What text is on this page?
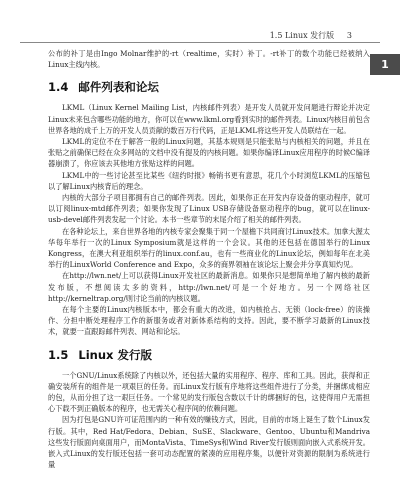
1.5 Linux 发行版 3
1

公布的补丁是由Ingo Molnar维护的-rt（realtime，实时）补丁。-rt补丁的数个功能已经被纳入Linux主线内核。

1.4 邮件列表和论坛

LKML（Linux Kernel Mailing List，内核邮件列表）是开发人员就开发问题进行辩论并决定Linux未来包含哪些功能的地方，你可以在www.lkml.org看到实时的邮件列表。Linux内核目前包含世界各地的成千上万的开发人员贡献的数百万行代码，正是LKML将这些开发人员联结在一起。

LKML的定位不在于解答一般的Linux问题，其基本规则是只能张贴与内核相关的问题，并且在张贴之前确保已经在众多网站的文档中没有提及的内核问题。如果你编译Linux应用程序的时候C编译器崩溃了，你应该去其他地方张贴这样的问题。

LKML中的一些讨论甚至比某些《纽约时报》畅销书更有意思，花几个小时浏览LKML的压缩包以了解Linux内核背后的理念。

内核的大部分子项目都拥有自己的邮件列表。因此，如果你正在开发内存设备的驱动程序，就可以订阅linux-mtd邮件列表；如果你发现了Linux USB存储设备驱动程序的bug，就可以在linux-usb-devel邮件列表发起一个讨论。本书一些章节的末尾介绍了相关的邮件列表。

在各种论坛上，来自世界各地的内核专家会聚集于同一个屋檐下共同商讨Linux技术。加拿大渥太华每年举行一次的Linux Symposium就是这样的一个会议。其他的还包括在德国举行的Linux Kongress，在澳大利亚组织举行的linux.conf.au，也有一些商业化的Linux论坛，例如每年在北美举行的LinuxWorld Conference and Expo，众多的商界领袖在该论坛上聚会并分享真知灼见。

在http://lwn.net/上可以获得Linux开发社区的最新消息。如果你只是想简单地了解内核的最新发布版，不想阅读太多的资料，http://lwn.net/可是一个好地方。另一个网络社区http://kerneltrap.org/则讨论当前的内核议题。

在每个主要的Linux内核版本中，都会有重大的改进，如内核抢占、无锁（lock-free）的读操作、分担中断处理程序工作的新服务或者对新体系结构的支持。因此，要不断学习最新的Linux技术，就要一直跟踪邮件列表、网站和论坛。

1.5 Linux 发行版

一个GNU/Linux系统除了内核以外，还包括大量的实用程序、程序、库和工具。因此，获得和正确安装所有的组件是一项艰巨的任务。而Linux发行版有序地将这些组件进行了分类，并捆绑成相应的包，从而分担了这一艰巨任务。一个常见的发行版包含数以千计的绑捆好的包，这使得用户无需担心下载不到正确版本的程序，也无需关心程序间的依赖问题。

因为打包是GNU许可证范围内的一种有效的赚钱方式，因此，目前的市场上诞生了数个Linux发行版。其中，Red Hat/Fedora、Debian、SuSE、Slackware、Gentoo、Ubuntu和Mandriva这些发行版面向桌面用户，而MontaVista、TimeSys和Wind River发行版则面向嵌入式系统开发。嵌入式Linux的发行版还包括一套可动态配置的紧凑的应用程序集，以便针对资源的限制为系统进行量
